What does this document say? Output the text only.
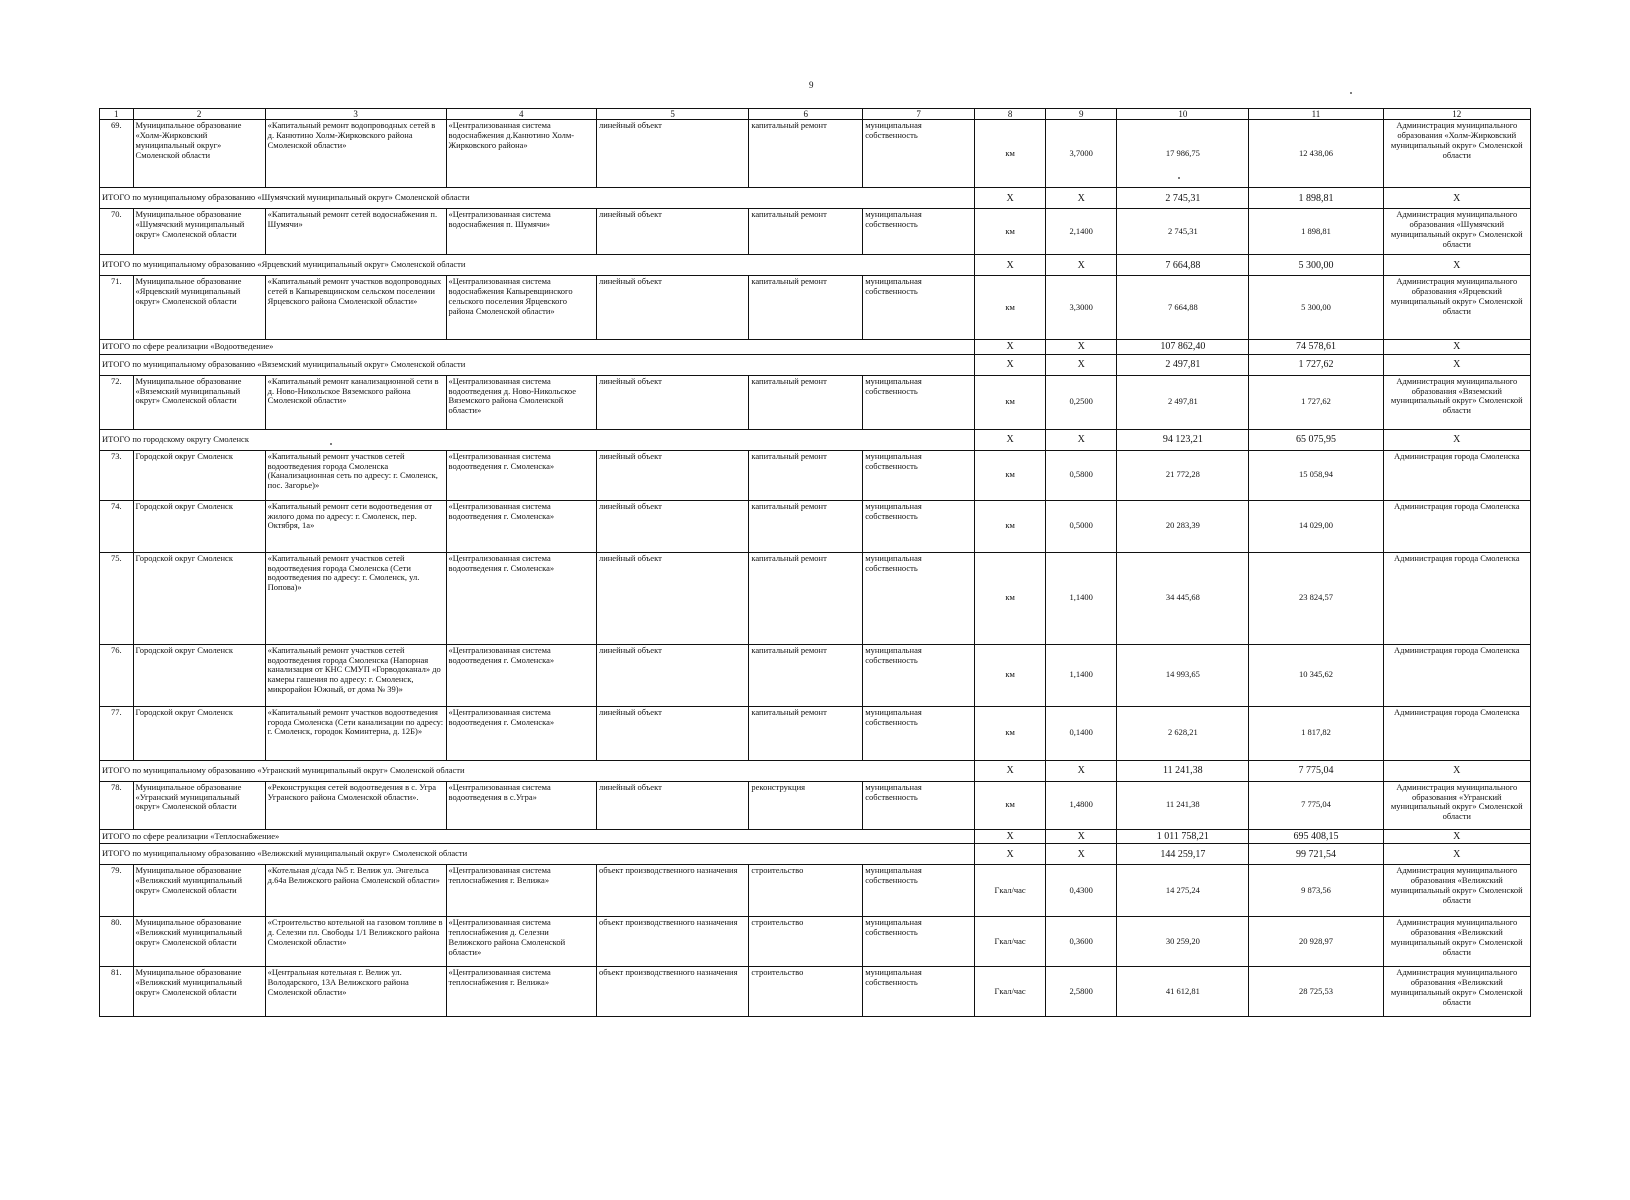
9
1	2	3	4	5	6	7	8	9	10	11	12
69.	Муниципальное образование «Холм-Жирковский муниципальный округ» Смоленской области	«Капитальный ремонт водопроводных сетей в д. Канютино Холм-Жирковского района Смоленской области»	«Централизованная система водоснабжения д.Канютино Холм-Жирковского района»	линейный объект	капитальный ремонт	муниципальная собственность	км	3,7000	17 986,75	12 438,06	Администрация муниципального образования «Холм-Жирковский муниципальный округ» Смоленской области
ИТОГО по муниципальному образованию «Шумячский муниципальный округ» Смоленской области							X	X	2 745,31	1 898,81	X
70.	Муниципальное образование «Шумячский муниципальный округ» Смоленской области	«Капитальный ремонт сетей водоснабжения п. Шумячи»	«Централизованная система водоснабжения п. Шумячи»	линейный объект	капитальный ремонт	муниципальная собственность	км	2,1400	2 745,31	1 898,81	Администрация муниципального образования «Шумячский муниципальный округ» Смоленской области
ИТОГО по муниципальному образованию «Ярцевский муниципальный округ» Смоленской области							X	X	7 664,88	5 300,00	X
71.	Муниципальное образование «Ярцевский муниципальный округ» Смоленской области	«Капитальный ремонт участков водопроводных сетей в Капыревщинском сельском поселении Ярцевского района Смоленской области»	«Централизованная система водоснабжения Капыревщинского сельского поселения Ярцевского района Смоленской области»	линейный объект	капитальный ремонт	муниципальная собственность	км	3,3000	7 664,88	5 300,00	Администрация муниципального образования «Ярцевский муниципальный округ» Смоленской области
ИТОГО по сфере реализации «Водоотведение»							X	X	107 862,40	74 578,61	X
ИТОГО по муниципальному образованию «Вяземский муниципальный округ» Смоленской области							X	X	2 497,81	1 727,62	X
72.	Муниципальное образование «Вяземский муниципальный округ» Смоленской области	«Капитальный ремонт канализационной сети в д. Ново-Никольское Вяземского района Смоленской области»	«Централизованная система водоотведения д. Ново-Никольское Вяземского района Смоленской области»	линейный объект	капитальный ремонт	муниципальная собственность	км	0,2500	2 497,81	1 727,62	Администрация муниципального образования «Вяземский муниципальный округ» Смоленской области
ИТОГО по городскому округу Смоленск							X	X	94 123,21	65 075,95	X
73.	Городской округ Смоленск	«Капитальный ремонт участков сетей водоотведения города Смоленска (Канализационная сеть по адресу: г. Смоленск, пос. Загорье)»	«Централизованная система водоотведения г. Смоленска»	линейный объект	капитальный ремонт	муниципальная собственность	км	0,5800	21 772,28	15 058,94	Администрация города Смоленска
74.	Городской округ Смоленск	«Капитальный ремонт сети водоотведения от жилого дома по адресу: г. Смоленск, пер. Октября, 1а»	«Централизованная система водоотведения г. Смоленска»	линейный объект	капитальный ремонт	муниципальная собственность	км	0,5000	20 283,39	14 029,00	Администрация города Смоленска
75.	Городской округ Смоленск	«Капитальный ремонт участков сетей водоотведения города Смоленска (Сети водоотведения по адресу: г. Смоленск, ул. Попова)»	«Централизованная система водоотведения г. Смоленска»	линейный объект	капитальный ремонт	муниципальная собственность	км	1,1400	34 445,68	23 824,57	Администрация города Смоленска
76.	Городской округ Смоленск	«Капитальный ремонт участков сетей водоотведения города Смоленска (Напорная канализация от КНС СМУП «Горводоканал» до камеры гашения по адресу: г. Смоленск, микрорайон Южный, от дома № 39)»	«Централизованная система водоотведения г. Смоленска»	линейный объект	капитальный ремонт	муниципальная собственность	км	1,1400	14 993,65	10 345,62	Администрация города Смоленска
77.	Городской округ Смоленск	«Капитальный ремонт участков водоотведения города Смоленска (Сети канализации по адресу: г. Смоленск, городок Коминтерна, д. 12Б)»	«Централизованная система водоотведения г. Смоленска»	линейный объект	капитальный ремонт	муниципальная собственность	км	0,1400	2 628,21	1 817,82	Администрация города Смоленска
ИТОГО по муниципальному образованию «Угранский муниципальный округ» Смоленской области							X	X	11 241,38	7 775,04	X
78.	Муниципальное образование «Угранский муниципальный округ» Смоленской области	«Реконструкция сетей водоотведения в с. Угра Угранского района Смоленской области».	«Централизованная система водоотведения в с.Угра»	линейный объект	реконструкция	муниципальная собственность	км	1,4800	11 241,38	7 775,04	Администрация муниципального образования «Угранский муниципальный округ» Смоленской области
ИТОГО по сфере реализации «Теплоснабжение»							X	X	1 011 758,21	695 408,15	X
ИТОГО по муниципальному образованию «Велижский муниципальный округ» Смоленской области							X	X	144 259,17	99 721,54	X
79.	Муниципальное образование «Велижский муниципальный округ» Смоленской области	«Котельная д/сада №5 г. Велиж ул. Энгельса д.64а Велижского района Смоленской области»	«Централизованная система теплоснабжения г. Велижа»	объект производственного назначения	строительство	муниципальная собственность	Гкал/час	0,4300	14 275,24	9 873,56	Администрация муниципального образования «Велижский муниципальный округ» Смоленской области
80.	Муниципальное образование «Велижский муниципальный округ» Смоленской области	«Строительство котельной на газовом топливе в д. Селезни пл. Свободы 1/1 Велижского района Смоленской области»	«Централизованная система теплоснабжения д. Селезни Велижского района Смоленской области»	объект производственного назначения	строительство	муниципальная собственность	Гкал/час	0,3600	30 259,20	20 928,97	Администрация муниципального образования «Велижский муниципальный округ» Смоленской области
81.	Муниципальное образование «Велижский муниципальный округ» Смоленской области	«Центральная котельная г. Велиж ул. Володарского, 13А Велижского района Смоленской области»	«Централизованная система теплоснабжения г. Велижа»	объект производственного назначения	строительство	муниципальная собственность	Гкал/час	2,5800	41 612,81	28 725,53	Администрация муниципального образования «Велижский муниципальный округ» Смоленской области
